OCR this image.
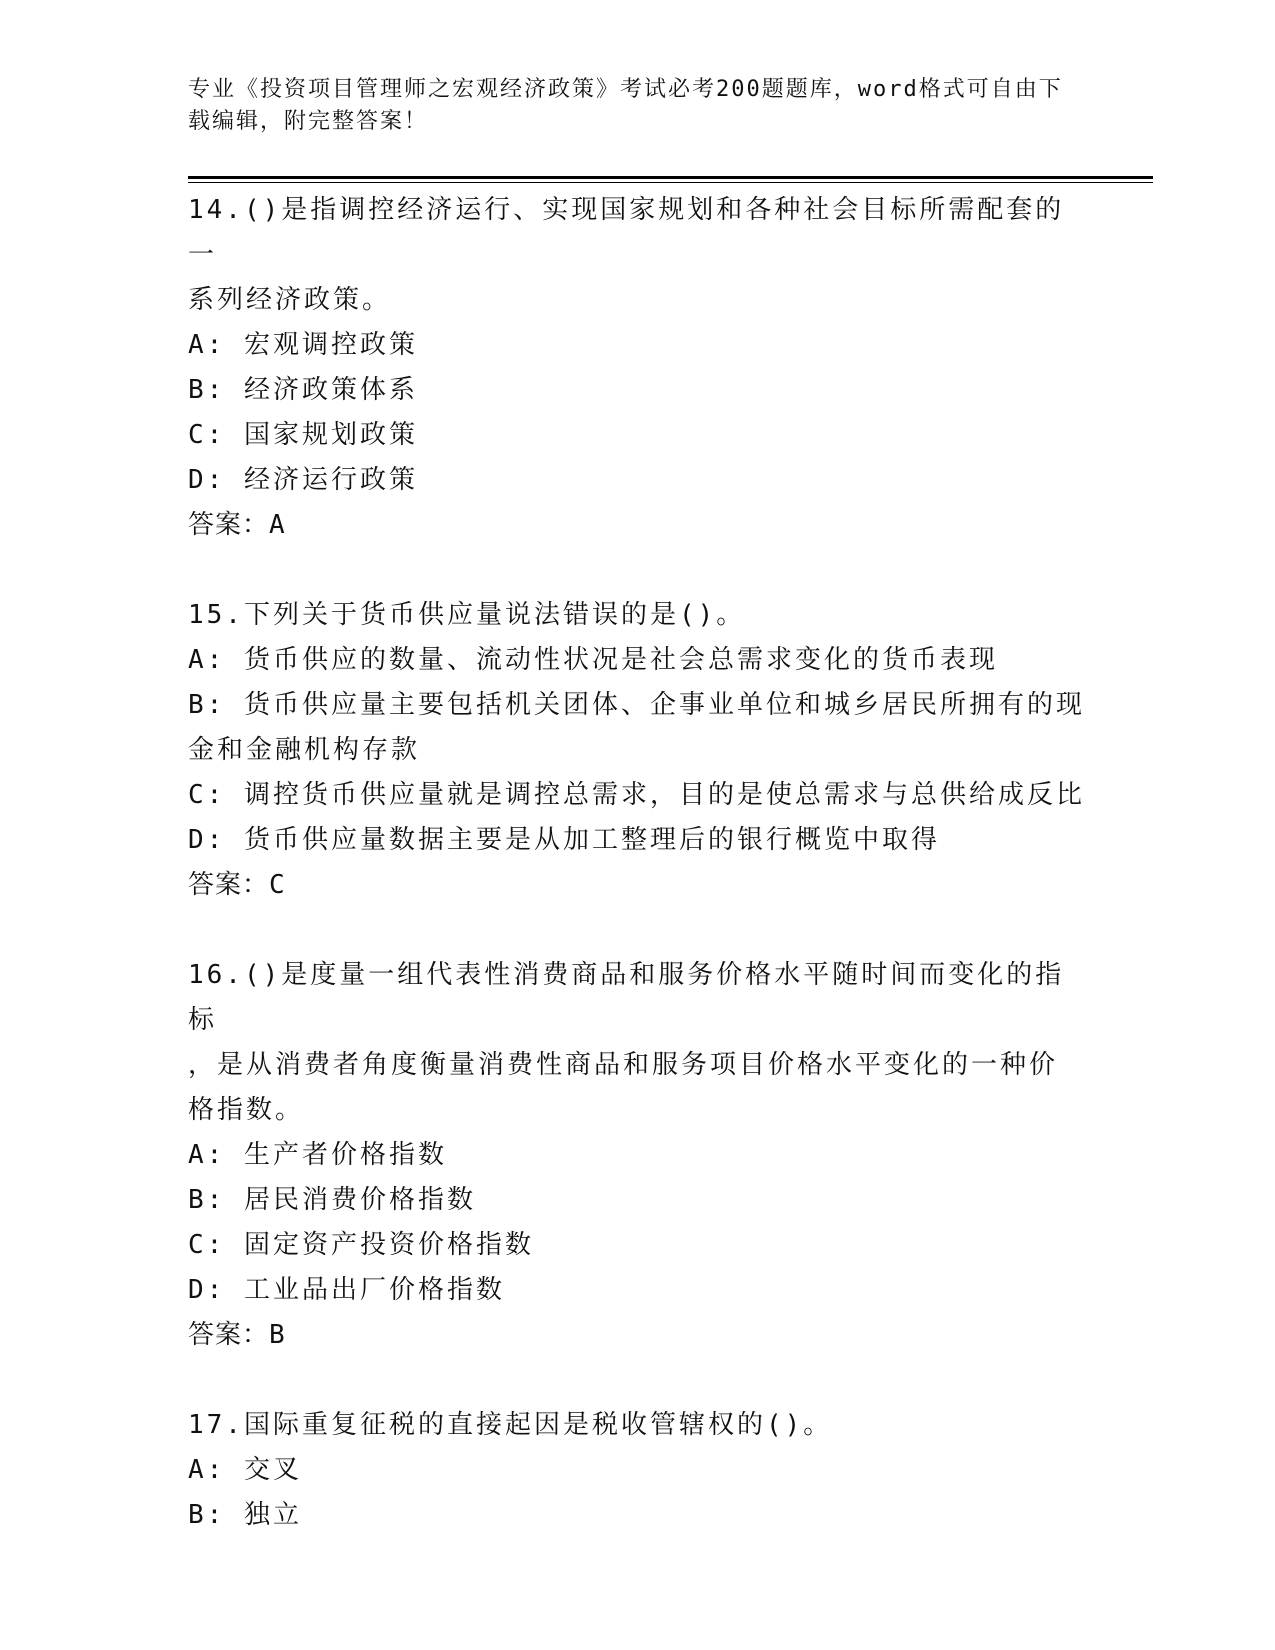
专业《投资项目管理师之宏观经济政策》考试必考200题题库，word格式可自由下载编辑，附完整答案！

14.()是指调控经济运行、实现国家规划和各种社会目标所需配套的一

系列经济政策。

A: 宏观调控政策

B: 经济政策体系

C: 国家规划政策

D: 经济运行政策

答案：A

15.下列关于货币供应量说法错误的是()。

A: 货币供应的数量、流动性状况是社会总需求变化的货币表现

B: 货币供应量主要包括机关团体、企事业单位和城乡居民所拥有的现

金和金融机构存款

C: 调控货币供应量就是调控总需求，目的是使总需求与总供给成反比

D: 货币供应量数据主要是从加工整理后的银行概览中取得

答案：C

16.()是度量一组代表性消费商品和服务价格水平随时间而变化的指标

，是从消费者角度衡量消费性商品和服务项目价格水平变化的一种价

格指数。

A: 生产者价格指数

B: 居民消费价格指数

C: 固定资产投资价格指数

D: 工业品出厂价格指数

答案：B

17.国际重复征税的直接起因是税收管辖权的()。

A: 交叉

B: 独立
